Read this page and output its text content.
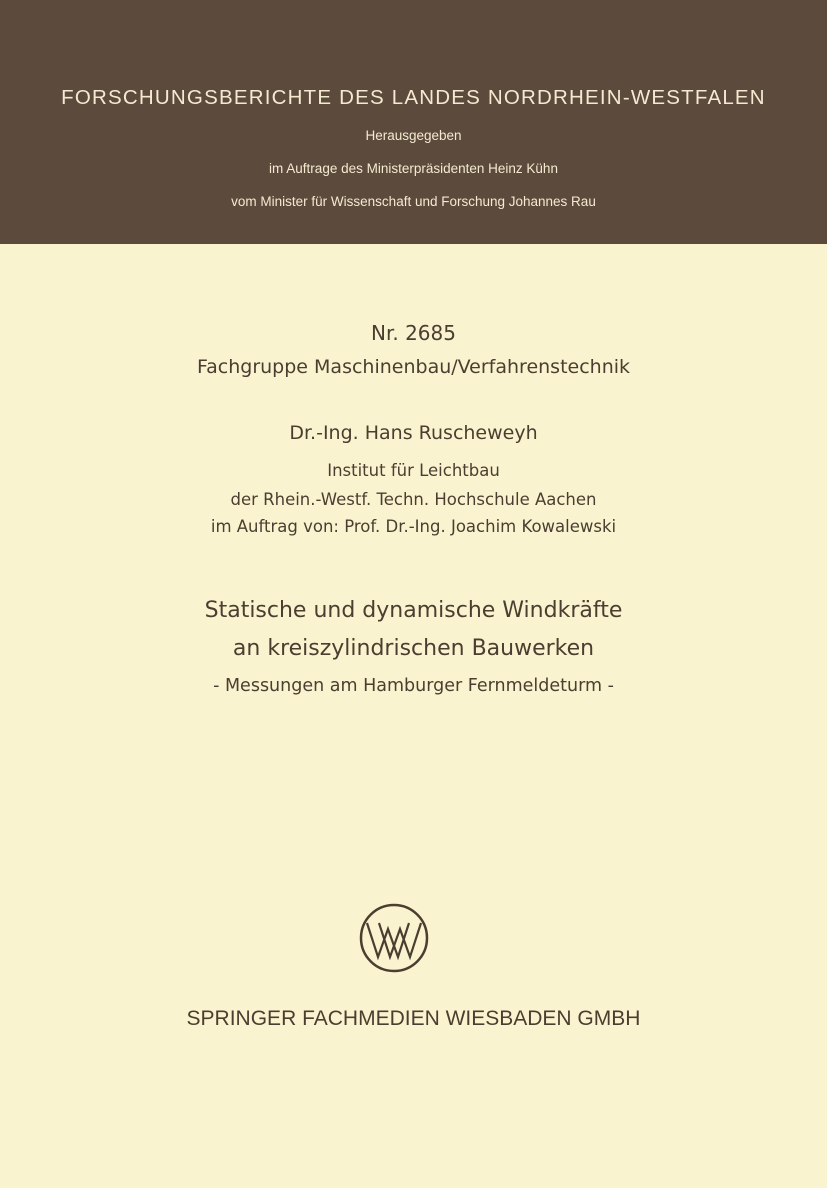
FORSCHUNGSBERICHTE DES LANDES NORDRHEIN-WESTFALEN
Herausgegeben
im Auftrage des Ministerpräsidenten Heinz Kühn
vom Minister für Wissenschaft und Forschung Johannes Rau
Nr. 2685
Fachgruppe Maschinenbau/Verfahrenstechnik
Dr.-Ing. Hans Ruscheweyh
Institut für Leichtbau
der Rhein.-Westf. Techn. Hochschule Aachen
im Auftrag von: Prof. Dr.-Ing. Joachim Kowalewski
Statische und dynamische Windkräfte
an kreiszylindrischen Bauwerken
- Messungen am Hamburger Fernmeldeturm -
SPRINGER FACHMEDIEN WIESBADEN GMBH
